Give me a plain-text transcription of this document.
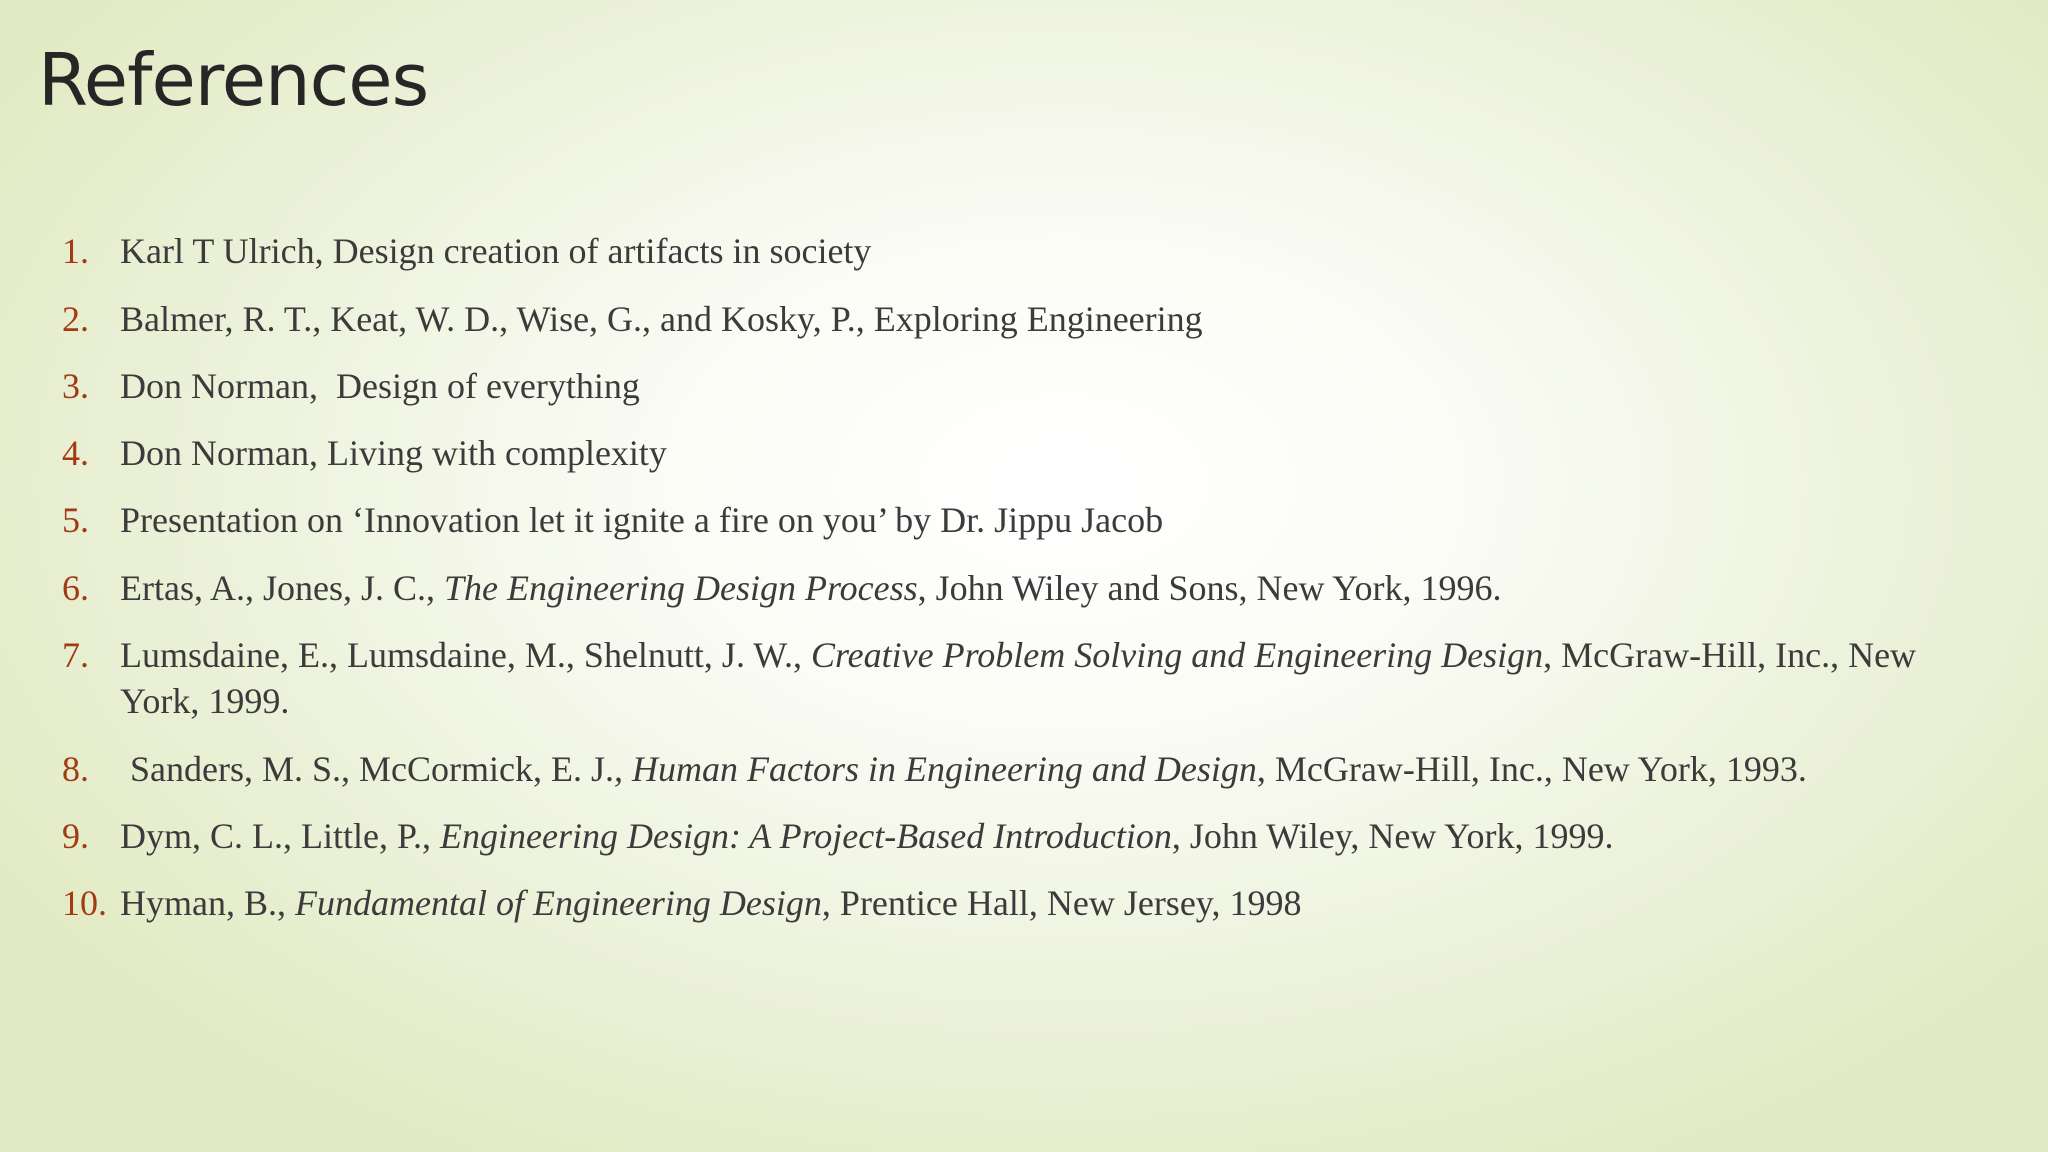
References
1. Karl T Ulrich, Design creation of artifacts in society
2. Balmer, R. T., Keat, W. D., Wise, G., and Kosky, P., Exploring Engineering
3. Don Norman,  Design of everything
4. Don Norman, Living with complexity
5. Presentation on ‘Innovation let it ignite a fire on you’ by Dr. Jippu Jacob
6. Ertas, A., Jones, J. C., The Engineering Design Process, John Wiley and Sons, New York, 1996.
7. Lumsdaine, E., Lumsdaine, M., Shelnutt, J. W., Creative Problem Solving and Engineering Design, McGraw-Hill, Inc., New York, 1999.
8. Sanders, M. S., McCormick, E. J., Human Factors in Engineering and Design, McGraw-Hill, Inc., New York, 1993.
9. Dym, C. L., Little, P., Engineering Design: A Project-Based Introduction, John Wiley, New York, 1999.
10. Hyman, B., Fundamental of Engineering Design, Prentice Hall, New Jersey, 1998
